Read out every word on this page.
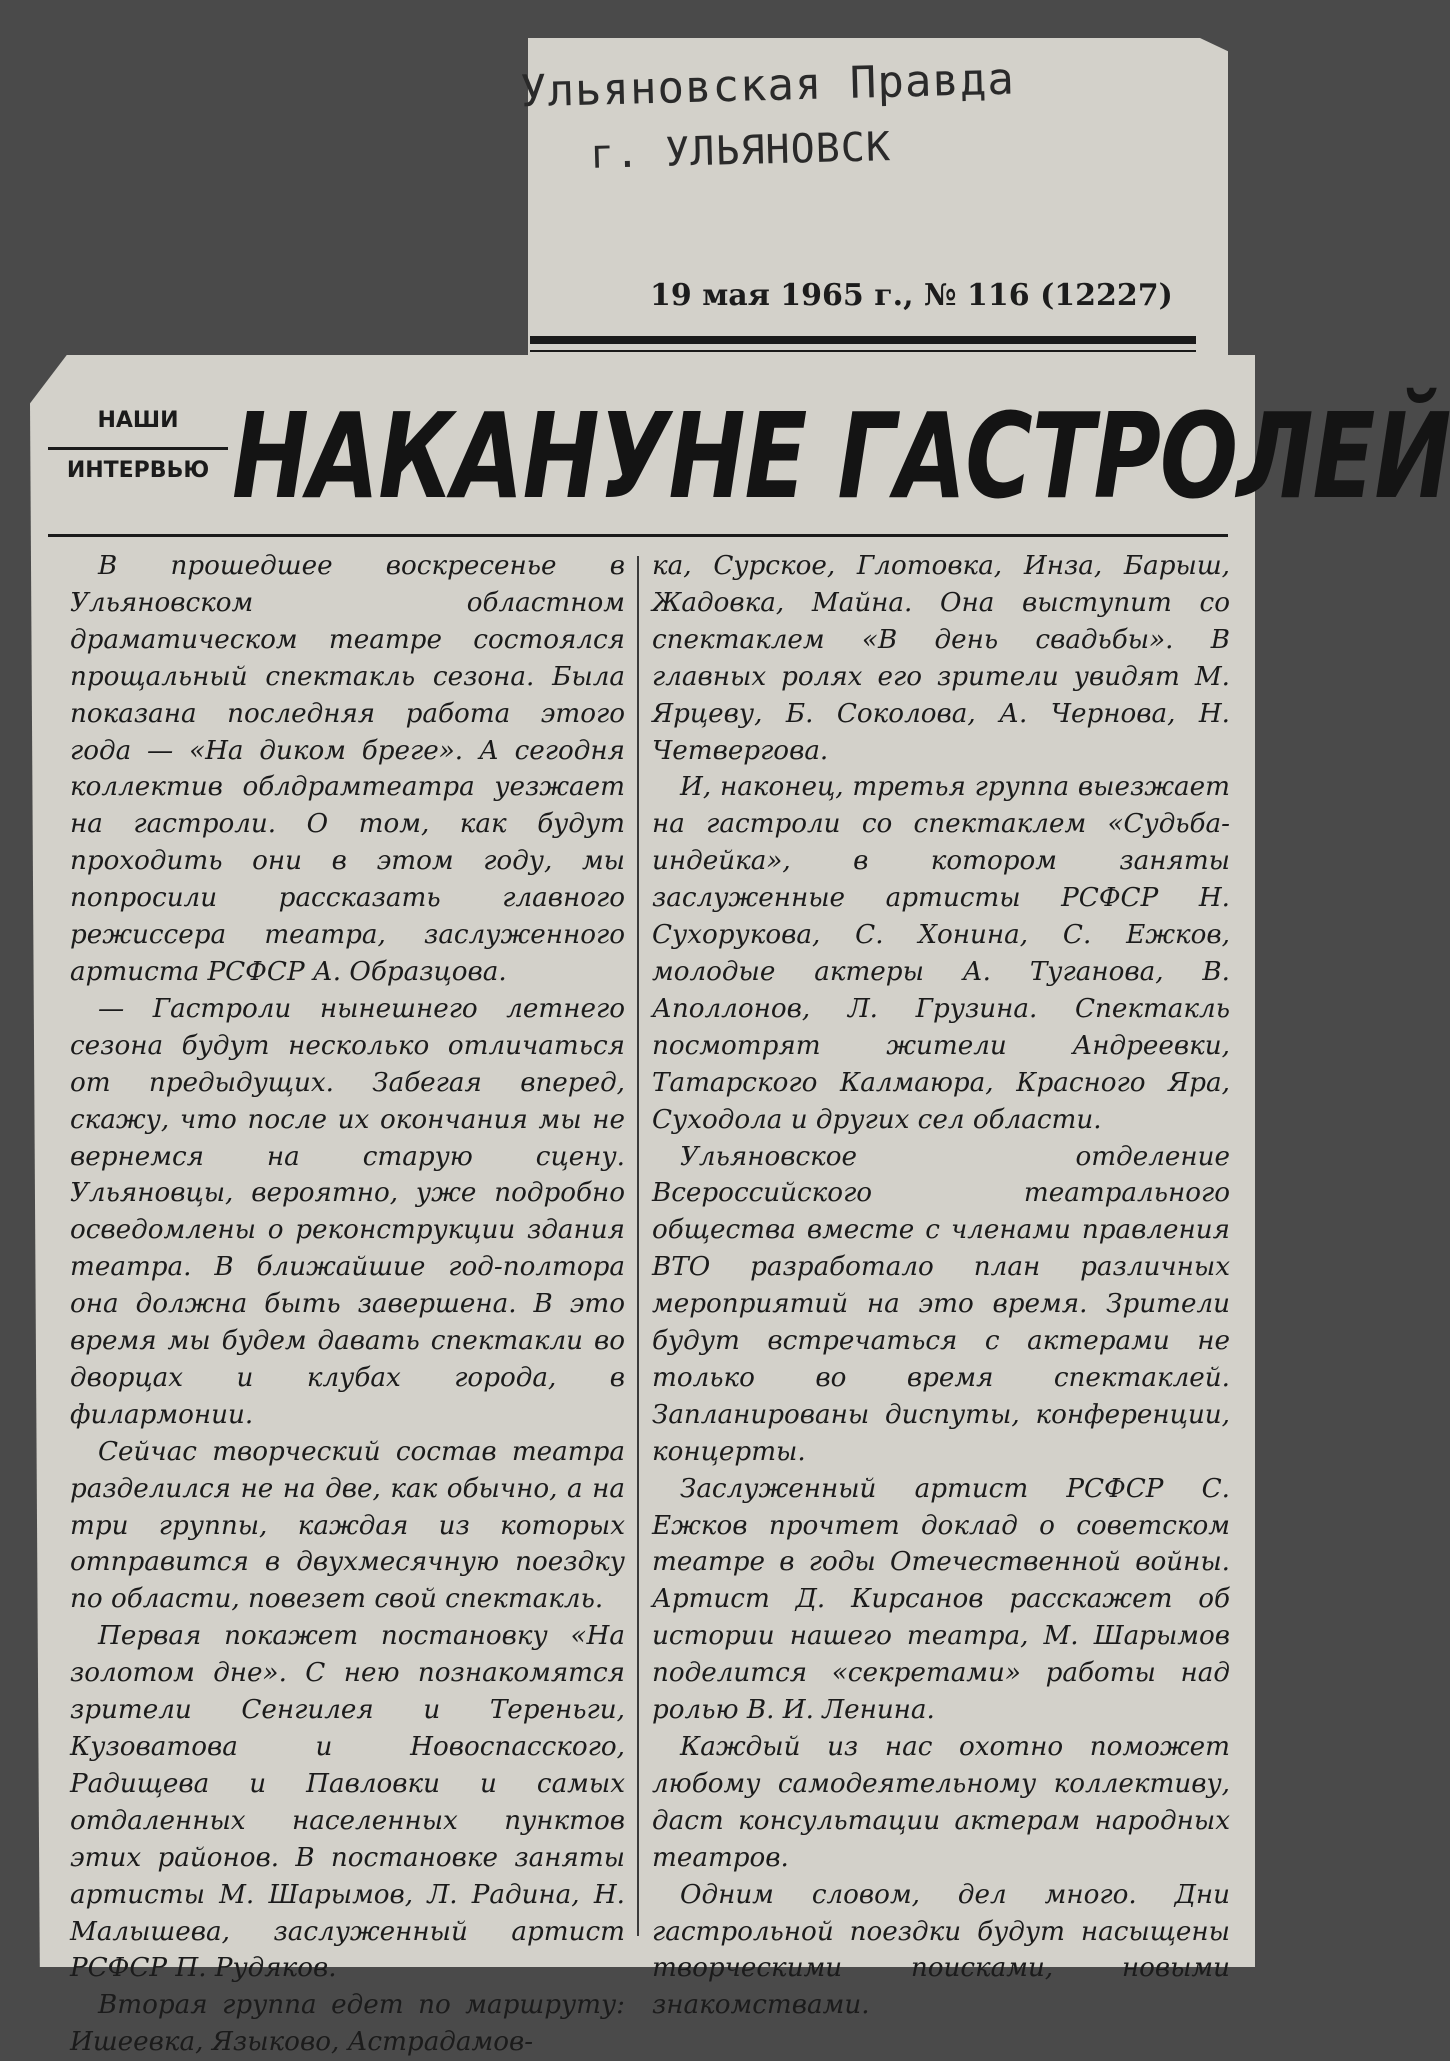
Ульяновская Правда
г. УЛЬЯНОВСК
19 мая 1965 г., № 116 (12227)
НАШИ
ИНТЕРВЬЮ НАКАНУНЕ ГАСТРОЛЕЙ

В прошедшее воскресенье в Ульяновском областном драматическом театре состоялся прощальный спектакль сезона. Была показана последняя работа этого года — «На диком бреге». А сегодня коллектив облдрамтеатра уезжает на гастроли. О том, как будут проходить они в этом году, мы попросили рассказать главного режиссера театра, заслуженного артиста РСФСР А. Образцова.

— Гастроли нынешнего летнего сезона будут несколько отличаться от предыдущих. Забегая вперед, скажу, что после их окончания мы не вернемся на старую сцену. Ульяновцы, вероятно, уже подробно осведомлены о реконструкции здания театра. В ближайшие год-полтора она должна быть завершена. В это время мы будем давать спектакли во дворцах и клубах города, в филармонии.

Сейчас творческий состав театра разделился не на две, как обычно, а на три группы, каждая из которых отправится в двухмесячную поездку по области, повезет свой спектакль.

Первая покажет постановку «На золотом дне». С нею познакомятся зрители Сенгилея и Тереньги, Кузоватова и Новоспасского, Радищева и Павловки и самых отдаленных населенных пунктов этих районов. В постановке заняты артисты М. Шарымов, Л. Радина, Н. Малышева, заслуженный артист РСФСР П. Рудяков.

Вторая группа едет по маршруту: Ишеевка, Языково, Астрадамов-

ка, Сурское, Глотовка, Инза, Барыш, Жадовка, Майна. Она выступит со спектаклем «В день свадьбы». В главных ролях его зрители увидят М. Ярцеву, Б. Соколова, А. Чернова, Н. Четвергова.

И, наконец, третья группа выезжает на гастроли со спектаклем «Судьба-индейка», в котором заняты заслуженные артисты РСФСР Н. Сухорукова, С. Хонина, С. Ежков, молодые актеры А. Туганова, В. Аполлонов, Л. Грузина. Спектакль посмотрят жители Андреевки, Татарского Калмаюра, Красного Яра, Суходола и других сел области.

Ульяновское отделение Всероссийского театрального общества вместе с членами правления ВТО разработало план различных мероприятий на это время. Зрители будут встречаться с актерами не только во время спектаклей. Запланированы диспуты, конференции, концерты.

Заслуженный артист РСФСР С. Ежков прочтет доклад о советском театре в годы Отечественной войны. Артист Д. Кирсанов расскажет об истории нашего театра, М. Шарымов поделится «секретами» работы над ролью В. И. Ленина.

Каждый из нас охотно поможет любому самодеятельному коллективу, даст консультации актерам народных театров.

Одним словом, дел много. Дни гастрольной поездки будут насыщены творческими поисками, новыми знакомствами.
